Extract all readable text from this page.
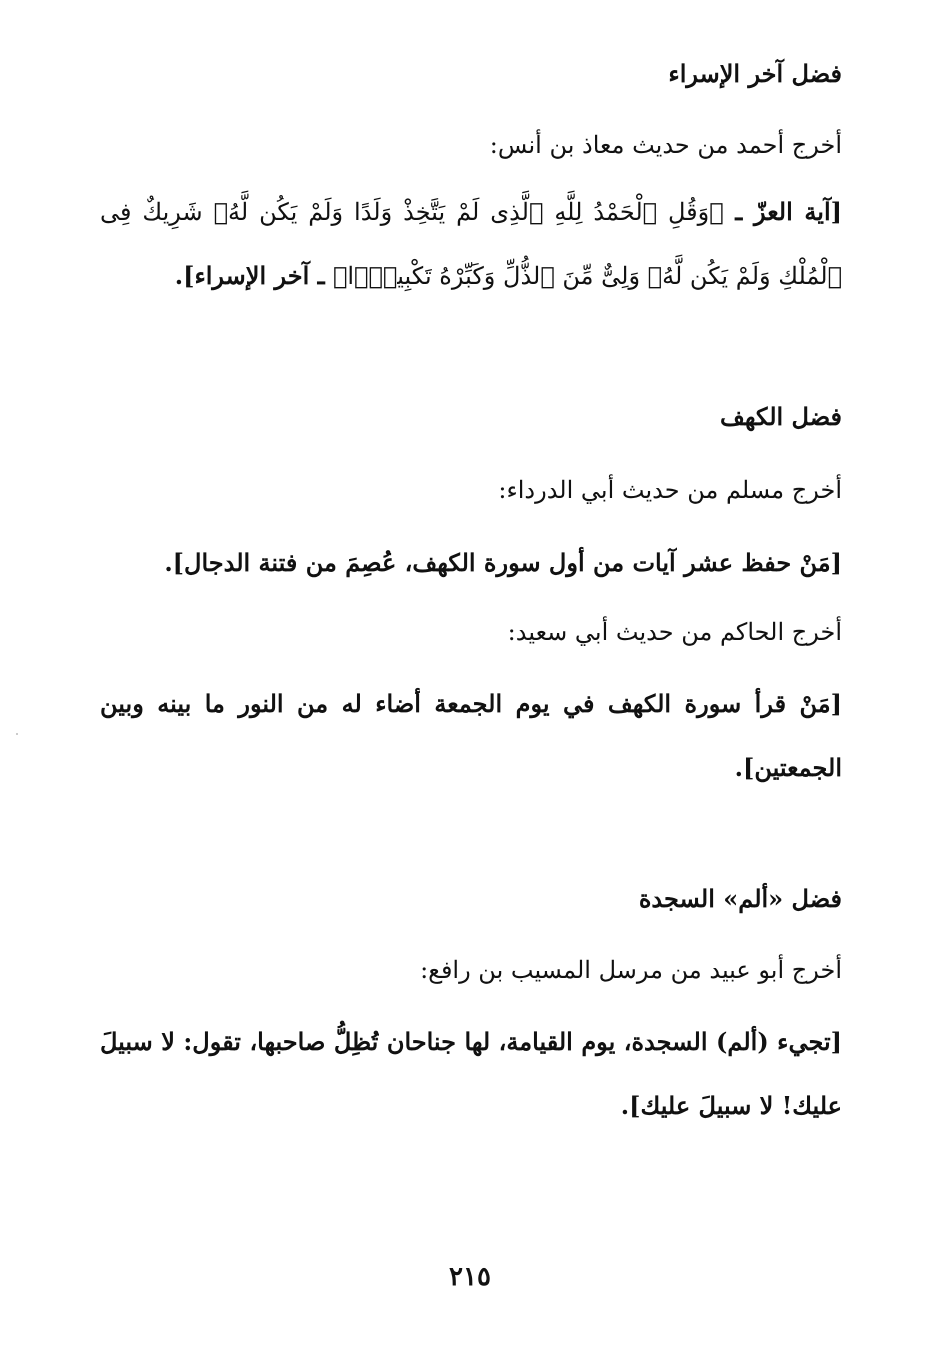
فضل آخر الإسراء

أخرج أحمد من حديث معاذ بن أنس:

[آية العزّ ـ ﴿وَقُلِ ٱلْحَمْدُ لِلَّهِ ٱلَّذِى لَمْ يَتَّخِذْ وَلَدًا وَلَمْ يَكُن لَّهُۥ شَرِيكٌ فِى ٱلْمُلْكِ وَلَمْ يَكُن لَّهُۥ وَلِىٌّ مِّنَ ٱلذُّلِّ وَكَبِّرْهُ تَكْبِيرًۢا﴾ ـ آخر الإسراء].

فضل الكهف

أخرج مسلم من حديث أبي الدرداء:

[مَنْ حفظ عشر آيات من أول سورة الكهف، عُصِمَ من فتنة الدجال].

أخرج الحاكم من حديث أبي سعيد:

[مَنْ قرأ سورة الكهف في يوم الجمعة أضاء له من النور ما بينه وبين الجمعتين].

فضل «ألم» السجدة

أخرج أبو عبيد من مرسل المسيب بن رافع:

[تجيء (ألم) السجدة، يوم القيامة، لها جناحان تُظِلُّ صاحبها، تقول: لا سبيلَ عليك! لا سبيلَ عليك].

٢١٥
